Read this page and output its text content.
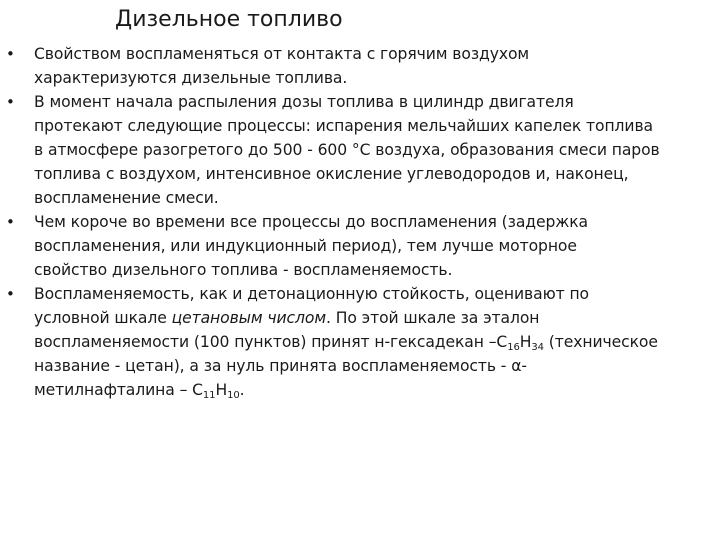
Дизельное топливо
• Свойством воспламеняться от контакта с горячим воздухом
характеризуются дизельные топлива.
• В момент начала распыления дозы топлива в цилиндр двигателя
протекают следующие процессы: испарения мельчайших капелек топлива
в атмосфере разогретого до 500 - 600 °С воздуха, образования смеси паров
топлива с воздухом, интенсивное окисление углеводородов и, наконец,
воспламенение смеси.
• Чем короче во времени все процессы до воспламенения (задержка
воспламенения, или индукционный период), тем лучше моторное
свойство дизельного топлива - воспламеняемость.
• Воспламеняемость, как и детонационную стойкость, оценивают по
условной шкале цетановым числом. По этой шкале за эталон
воспламеняемости (100 пунктов) принят н-гексадекан $-С_{16}Н_{34}$ (техническое
название - цетан), а за нуль принята воспламеняемость - α-
метилнафталина – $С_{11}Н_{10}$.
